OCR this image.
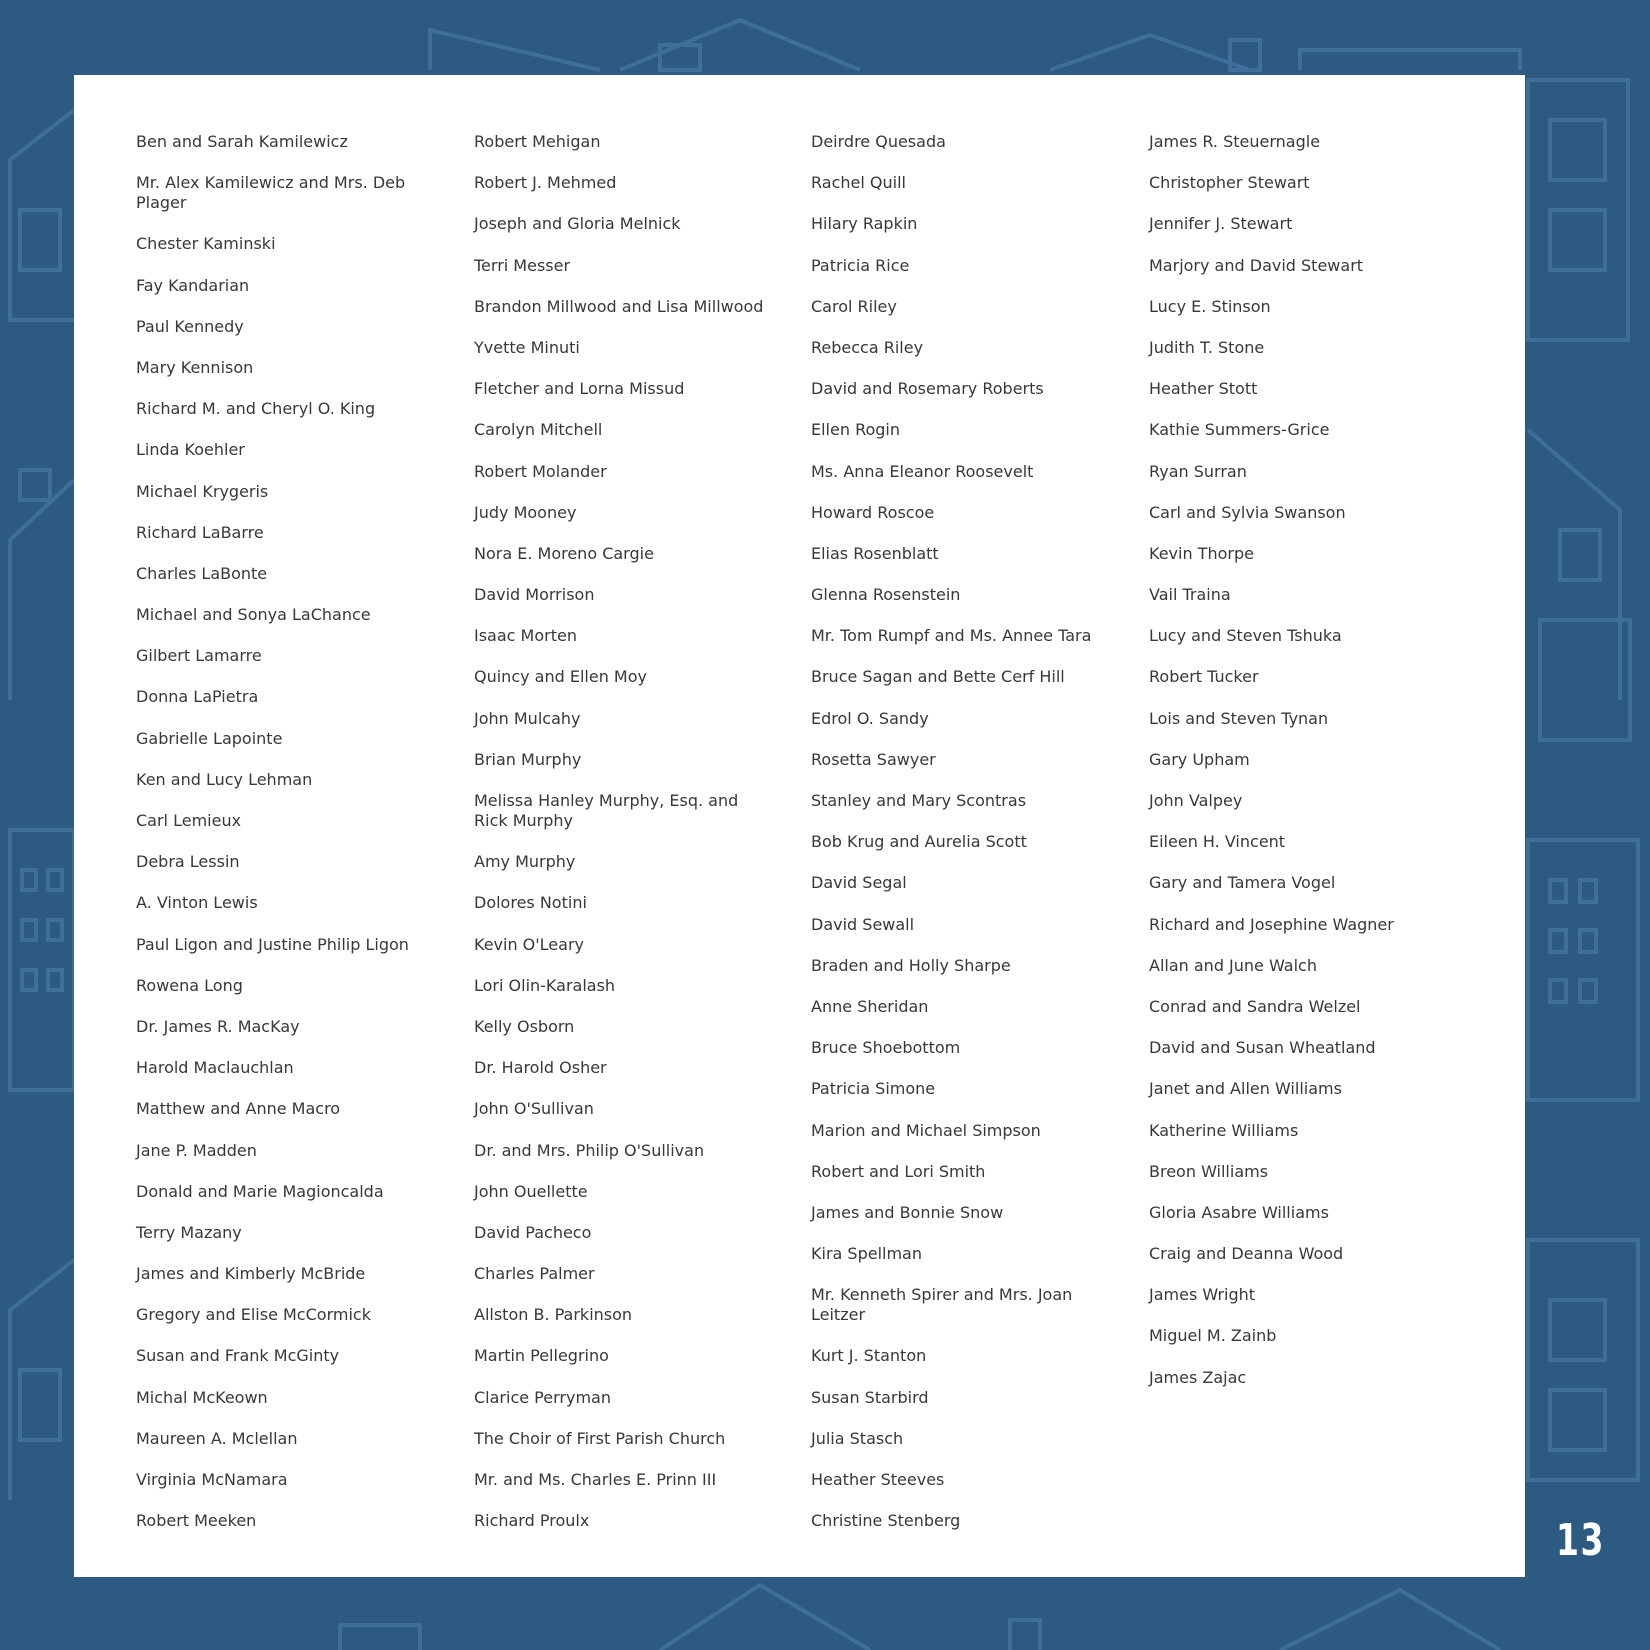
Ben and Sarah Kamilewicz
Mr. Alex Kamilewicz and Mrs. Deb Plager
Chester Kaminski
Fay Kandarian
Paul Kennedy
Mary Kennison
Richard M. and Cheryl O. King
Linda Koehler
Michael Krygeris
Richard LaBarre
Charles LaBonte
Michael and Sonya LaChance
Gilbert Lamarre
Donna LaPietra
Gabrielle Lapointe
Ken and Lucy Lehman
Carl Lemieux
Debra Lessin
A. Vinton Lewis
Paul Ligon and Justine Philip Ligon
Rowena Long
Dr. James R. MacKay
Harold Maclauchlan
Matthew and Anne Macro
Jane P. Madden
Donald and Marie Magioncalda
Terry Mazany
James and Kimberly McBride
Gregory and Elise McCormick
Susan and Frank McGinty
Michal McKeown
Maureen A. Mclellan
Virginia McNamara
Robert Meeken
Robert Mehigan
Robert J. Mehmed
Joseph and Gloria Melnick
Terri Messer
Brandon Millwood and Lisa Millwood
Yvette Minuti
Fletcher and Lorna Missud
Carolyn Mitchell
Robert Molander
Judy Mooney
Nora E. Moreno Cargie
David Morrison
Isaac Morten
Quincy and Ellen Moy
John Mulcahy
Brian Murphy
Melissa Hanley Murphy, Esq. and Rick Murphy
Amy Murphy
Dolores Notini
Kevin O'Leary
Lori Olin-Karalash
Kelly Osborn
Dr. Harold Osher
John O'Sullivan
Dr. and Mrs. Philip O'Sullivan
John Ouellette
David Pacheco
Charles Palmer
Allston B. Parkinson
Martin Pellegrino
Clarice Perryman
The Choir of First Parish Church
Mr. and Ms. Charles E. Prinn III
Richard Proulx
Deirdre Quesada
Rachel Quill
Hilary Rapkin
Patricia Rice
Carol Riley
Rebecca Riley
David and Rosemary Roberts
Ellen Rogin
Ms. Anna Eleanor Roosevelt
Howard Roscoe
Elias Rosenblatt
Glenna Rosenstein
Mr. Tom Rumpf and Ms. Annee Tara
Bruce Sagan and Bette Cerf Hill
Edrol O. Sandy
Rosetta Sawyer
Stanley and Mary Scontras
Bob Krug and Aurelia Scott
David Segal
David Sewall
Braden and Holly Sharpe
Anne Sheridan
Bruce Shoebottom
Patricia Simone
Marion and Michael Simpson
Robert and Lori Smith
James and Bonnie Snow
Kira Spellman
Mr. Kenneth Spirer and Mrs. Joan Leitzer
Kurt J. Stanton
Susan Starbird
Julia Stasch
Heather Steeves
Christine Stenberg
James R. Steuernagle
Christopher Stewart
Jennifer J. Stewart
Marjory and David Stewart
Lucy E. Stinson
Judith T. Stone
Heather Stott
Kathie Summers-Grice
Ryan Surran
Carl and Sylvia Swanson
Kevin Thorpe
Vail Traina
Lucy and Steven Tshuka
Robert Tucker
Lois and Steven Tynan
Gary Upham
John Valpey
Eileen H. Vincent
Gary and Tamera Vogel
Richard and Josephine Wagner
Allan and June Walch
Conrad and Sandra Welzel
David and Susan Wheatland
Janet and Allen Williams
Katherine Williams
Breon Williams
Gloria Asabre Williams
Craig and Deanna Wood
James Wright
Miguel M. Zainb
James Zajac
13
